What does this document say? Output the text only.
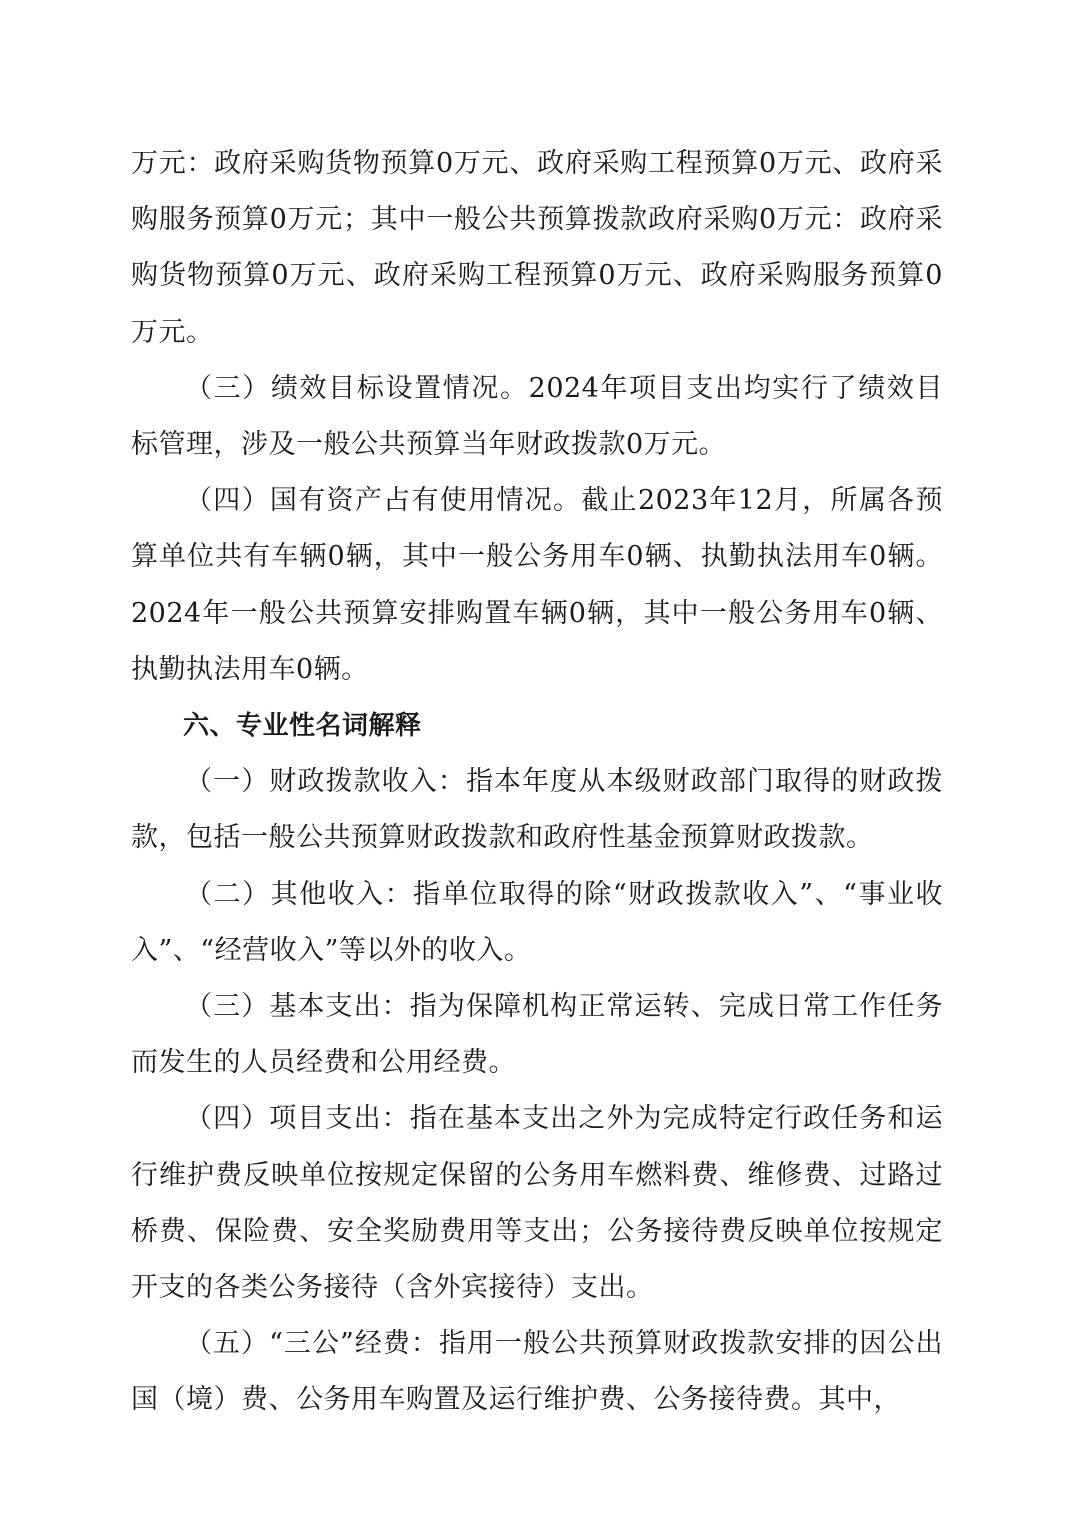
万元：政府采购货物预算0万元、政府采购工程预算0万元、政府采购服务预算0万元；其中一般公共预算拨款政府采购0万元：政府采购货物预算0万元、政府采购工程预算0万元、政府采购服务预算0万元。

（三）绩效目标设置情况。2024年项目支出均实行了绩效目标管理，涉及一般公共预算当年财政拨款0万元。

（四）国有资产占有使用情况。截止2023年12月，所属各预算单位共有车辆0辆，其中一般公务用车0辆、执勤执法用车0辆。2024年一般公共预算安排购置车辆0辆，其中一般公务用车0辆、执勤执法用车0辆。

六、专业性名词解释

（一）财政拨款收入：指本年度从本级财政部门取得的财政拨款，包括一般公共预算财政拨款和政府性基金预算财政拨款。

（二）其他收入：指单位取得的除“财政拨款收入”、“事业收入”、“经营收入”等以外的收入。

（三）基本支出：指为保障机构正常运转、完成日常工作任务而发生的人员经费和公用经费。

（四）项目支出：指在基本支出之外为完成特定行政任务和运行维护费反映单位按规定保留的公务用车燃料费、维修费、过路过桥费、保险费、安全奖励费用等支出；公务接待费反映单位按规定开支的各类公务接待（含外宾接待）支出。

（五）“三公”经费：指用一般公共预算财政拨款安排的因公出国（境）费、公务用车购置及运行维护费、公务接待费。其中，
